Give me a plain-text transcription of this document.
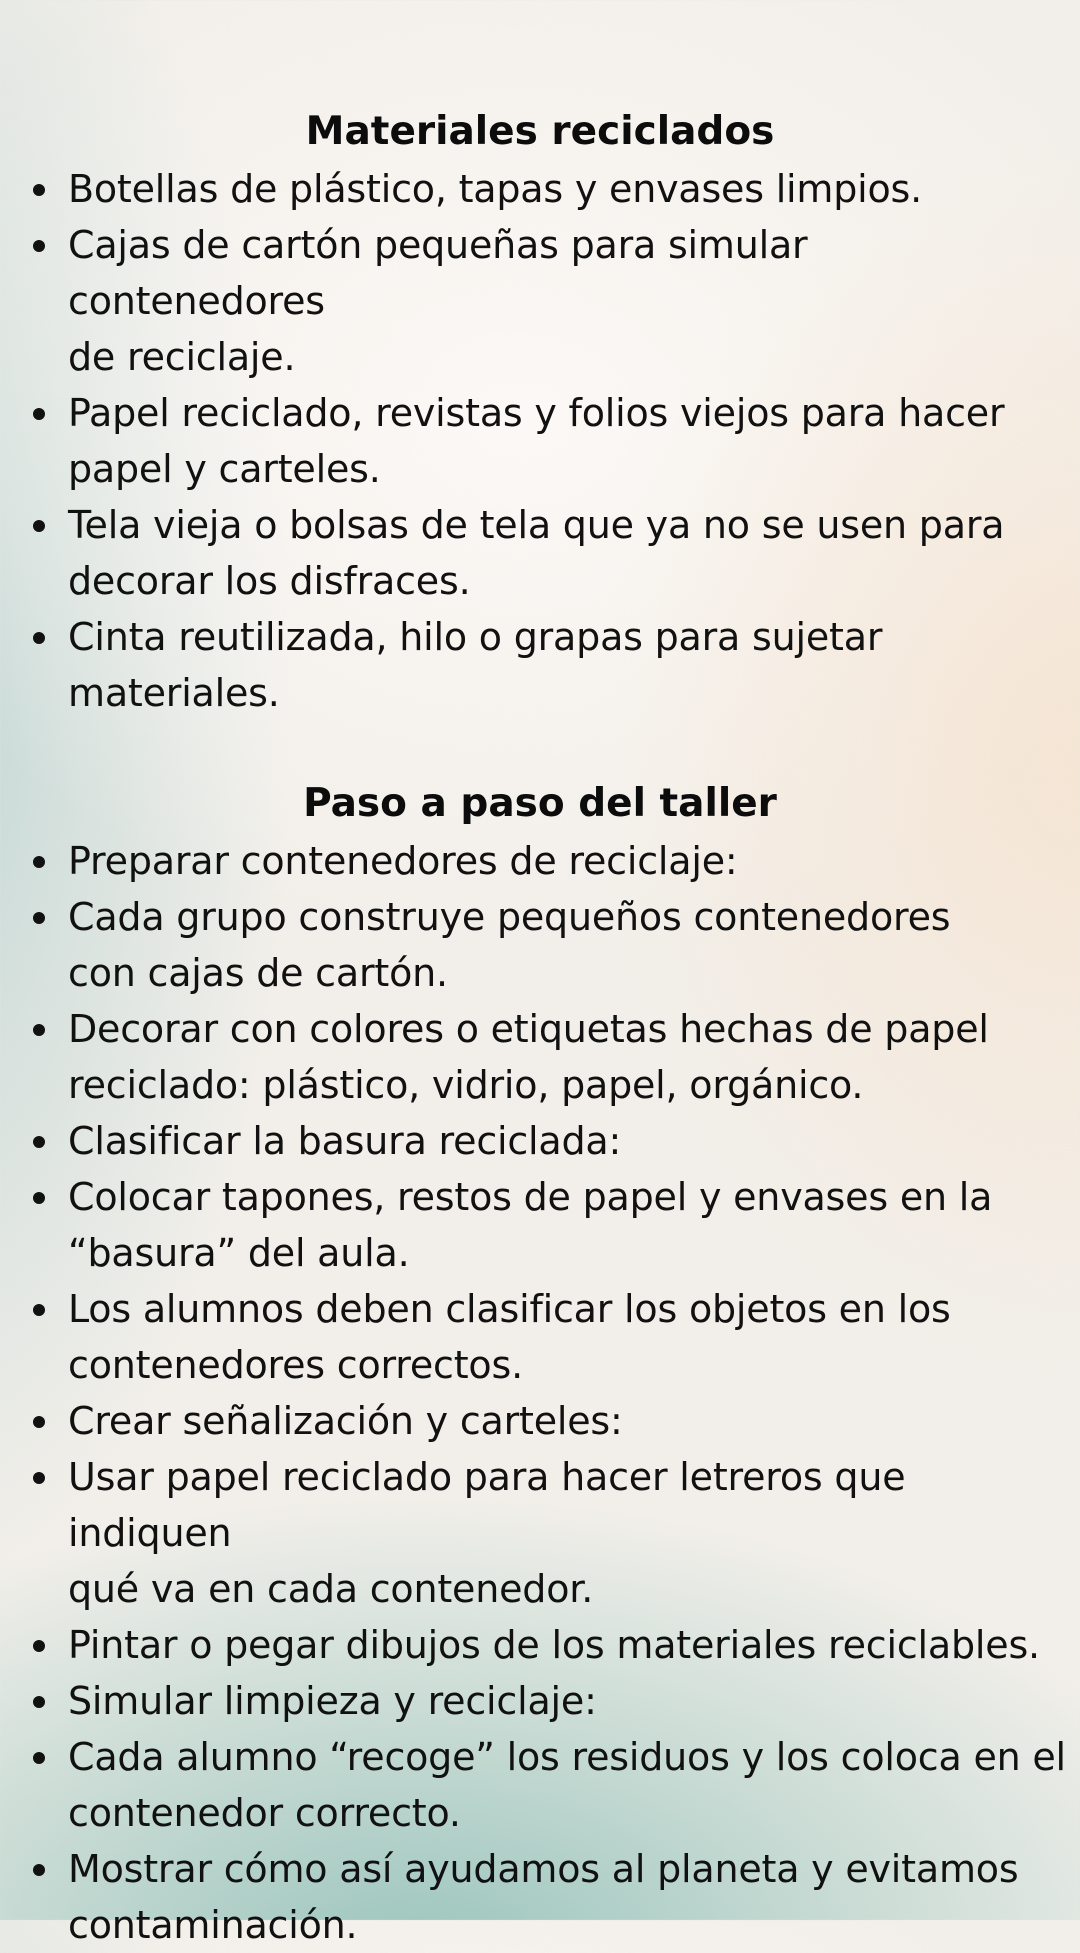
Materiales reciclados
Botellas de plástico, tapas y envases limpios.
Cajas de cartón pequeñas para simular contenedores
de reciclaje.
Papel reciclado, revistas y folios viejos para hacer
papel y carteles.
Tela vieja o bolsas de tela que ya no se usen para
decorar los disfraces.
Cinta reutilizada, hilo o grapas para sujetar
materiales.
Paso a paso del taller
Preparar contenedores de reciclaje:
Cada grupo construye pequeños contenedores
con cajas de cartón.
Decorar con colores o etiquetas hechas de papel
reciclado: plástico, vidrio, papel, orgánico.
Clasificar la basura reciclada:
Colocar tapones, restos de papel y envases en la
“basura” del aula.
Los alumnos deben clasificar los objetos en los
contenedores correctos.
Crear señalización y carteles:
Usar papel reciclado para hacer letreros que indiquen
qué va en cada contenedor.
Pintar o pegar dibujos de los materiales reciclables.
Simular limpieza y reciclaje:
Cada alumno “recoge” los residuos y los coloca en el
contenedor correcto.
Mostrar cómo así ayudamos al planeta y evitamos
contaminación.
